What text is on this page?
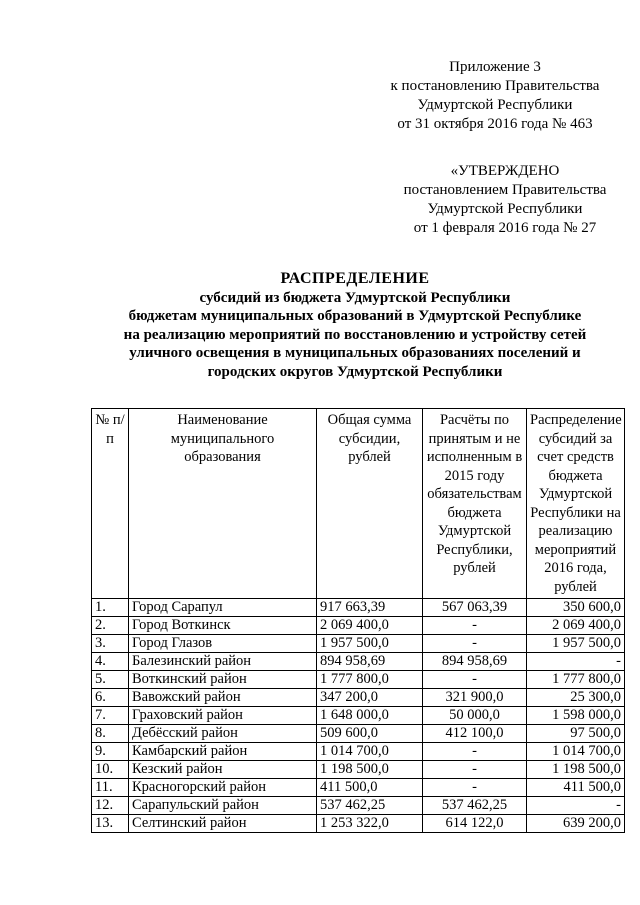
Приложение 3
к постановлению Правительства
Удмуртской Республики
от 31 октября 2016 года № 463
«УТВЕРЖДЕНО
постановлением Правительства
Удмуртской Республики
от 1 февраля 2016 года № 27
РАСПРЕДЕЛЕНИЕ
субсидий из бюджета Удмуртской Республики
бюджетам муниципальных образований в Удмуртской Республике
на реализацию мероприятий по восстановлению и устройству сетей
уличного освещения в муниципальных образованиях поселений и
городских округов Удмуртской Республики
№ п/п	Наименование муниципального образования	Общая сумма субсидии, рублей	Расчёты по принятым и не исполненным в 2015 году обязательствам бюджета Удмуртской Республики, рублей	Распределение субсидий за счет средств бюджета Удмуртской Республики на реализацию мероприятий 2016 года, рублей
1.	Город Сарапул	917 663,39	567 063,39	350 600,0
2.	Город Воткинск	2 069 400,0	-	2 069 400,0
3.	Город Глазов	1 957 500,0	-	1 957 500,0
4.	Балезинский район	894 958,69	894 958,69	-
5.	Воткинский район	1 777 800,0	-	1 777 800,0
6.	Вавожский район	347 200,0	321 900,0	25 300,0
7.	Граховский район	1 648 000,0	50 000,0	1 598 000,0
8.	Дебёсский район	509 600,0	412 100,0	97 500,0
9.	Камбарский район	1 014 700,0	-	1 014 700,0
10.	Кезский район	1 198 500,0	-	1 198 500,0
11.	Красногорский район	411 500,0	-	411 500,0
12.	Сарапульский район	537 462,25	537 462,25	-
13.	Селтинский район	1 253 322,0	614 122,0	639 200,0
